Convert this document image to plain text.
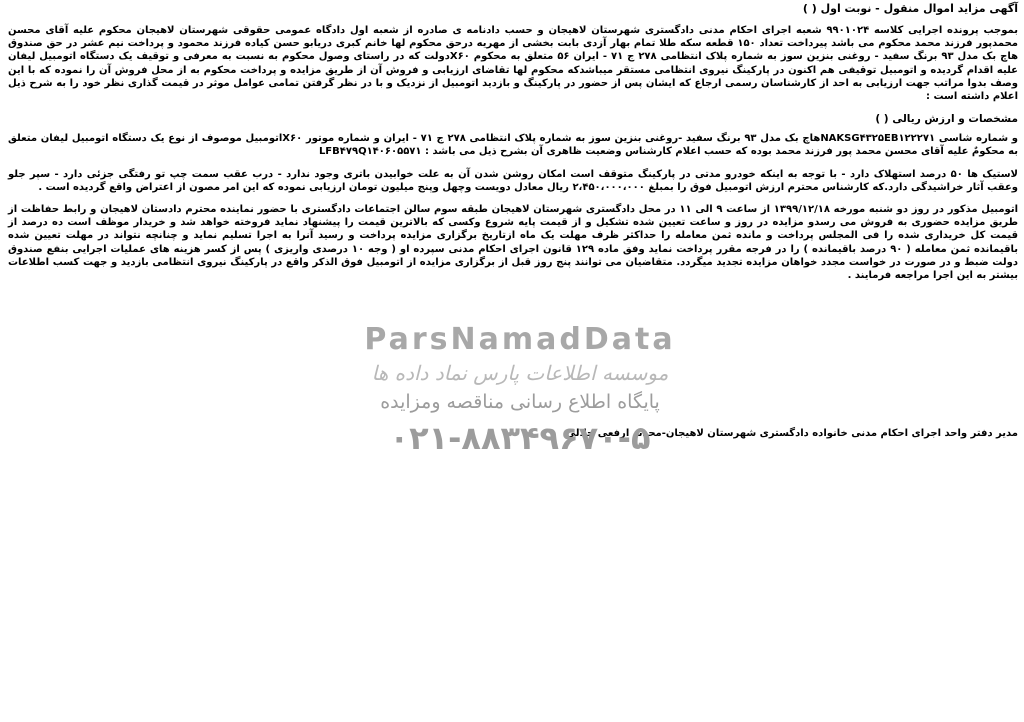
آگهی مزاید اموال منقول - نوبت اول ( )
بموجب پرونده اجرایی کلاسه ۹۹۰۱۰۲۴ شعبه اجرای احکام مدنی دادگستری شهرستان لاهیجان و حسب دادنامه ی صادره از شعبه اول دادگاه عمومی حقوقی شهرستان لاهیجان محکوم علیه آقای محسن محمدپور فرزند محمد محکوم می باشد پیرداخت تعداد ۱۵۰ قطعه سکه طلا تمام بهار آزدی بابت بخشی از مهریه درحق محکوم لها خانم کبری دریابو حسن کیاده فرزند محمود و پرداخت نیم عشر در حق صندوق هاچ بک مدل ۹۳ برنگ سفید - روغنی بنزین سوز به شماره پلاک انتظامی ۲۷۸ ج ۷۱ - ایران ۵۶ متعلق به محکوم X۶۰دولت که در راستای وصول محکوم به نسبت به معرفی و توقیف یک دستگاه اتومبیل لیفان علیه اقدام گردیده و اتومبیل توقیفی هم اکنون در پارکینگ نیروی انتظامی مستقر میباشدکه محکوم لها تقاضای ارزیابی و فروش آن از طریق مزایده و پرداخت محکوم به از محل فروش آن را نموده که با این وصف بدوا مراتب جهت ارزیابی به احد از کارشناسان رسمی ارجاع که ایشان پس از حضور در پارکینگ و بازدید اتومبیل از نزدیک و با در نظر گرفتن تمامی عوامل موثر در قیمت گذاری نظر خود را به شرح ذیل اعلام داشته است :
مشخصات و ارزش ریالی ( )
و شماره شاسی NAKSG۴۳۲۵EB۱۲۲۲۷۱هاچ بک مدل ۹۳ برنگ سفید -روغنی بنزین سوز به شماره پلاک انتظامی ۲۷۸ ج ۷۱ - ایران و شماره موتور X۶۰اتومبیل موصوف از نوع یک دستگاه اتومبیل لیفان متعلق به محکومٌ علیه آقای محسن محمد پور فرزند محمد بوده که حسب اعلام کارشناس وضعیت ظاهری آن بشرح ذیل می باشد : LFB۴۷۹Q۱۴۰۶۰۵۵۷۱
لاستیک ها ۵۰ درصد استهلاک دارد - با توجه به اینکه خودرو مدتی در پارکینگ متوقف است امکان روشن شدن آن به علت خوابیدن باتری وجود ندارد - درب عقب سمت چپ تو رفتگی جزئی دارد - سپر جلو وعقب آثار خراشیدگی دارد.که کارشناس محترم ارزش اتومبیل فوق را بمبلغ ۲،۴۵۰،۰۰۰،۰۰۰ ریال معادل دویست وچهل وپنج میلیون تومان ارزیابی نموده که این امر مصون از اعتراض واقع گردیده است .
اتومبیل مذکور در روز دو شنبه مورخه ۱۳۹۹/۱۲/۱۸ از ساعت ۹ الی ۱۱ در محل دادگستری شهرستان لاهیجان طبقه سوم سالن اجتماعات دادگستری با حضور نماینده محترم دادستان لاهیجان و رابط حفاظت از طریق مزایده حضوری به فروش می رسدو مزایده در روز و ساعت تعیین شده تشکیل و از قیمت پایه شروع وکسی که بالاترین قیمت را پیشنهاد نماید فروخته خواهد شد و خریدار موظف است ده درصد از قیمت کل خریداری شده را فی المجلس پرداخت و مانده ثمن معامله را حداکثر ظرف مهلت یک ماه ازتاریخ برگزاری مزایده پرداخت و رسید آنرا به اجرا تسلیم نماید و چنانچه نتواند در مهلت تعیین شده باقیمانده ثمن معامله ( ۹۰ درصد باقیمانده ) را در فرجه مقرر پرداخت نماید وفق ماده ۱۲۹ قانون اجرای احکام مدنی سپرده او ( وجه ۱۰ درصدی واریزی ) پس از کسر هزینه های عملیات اجرایی بنفع صندوق دولت ضبط و در صورت در خواست مجدد خواهان مزایده تجدید میگردد. متقاضیان می توانند پنج روز قبل از برگزاری مزایده از اتومبیل فوق الذکر واقع در پارکینگ نیروی انتظامی بازدید و جهت کسب اطلاعات بیشتر به این اجرا مراجعه فرمایند .
مدیر دفتر واحد اجرای احکام مدنی خانواده دادگستری شهرستان لاهیجان-محدثه ارفعی جلالی
ParsNamadData
موسسه اطلاعات پارس نماد داده ها
پایگاه اطلاع رسانی مناقصه ومزایده
۰۲۱-۸۸۳۴۹۶۷۰-۵
